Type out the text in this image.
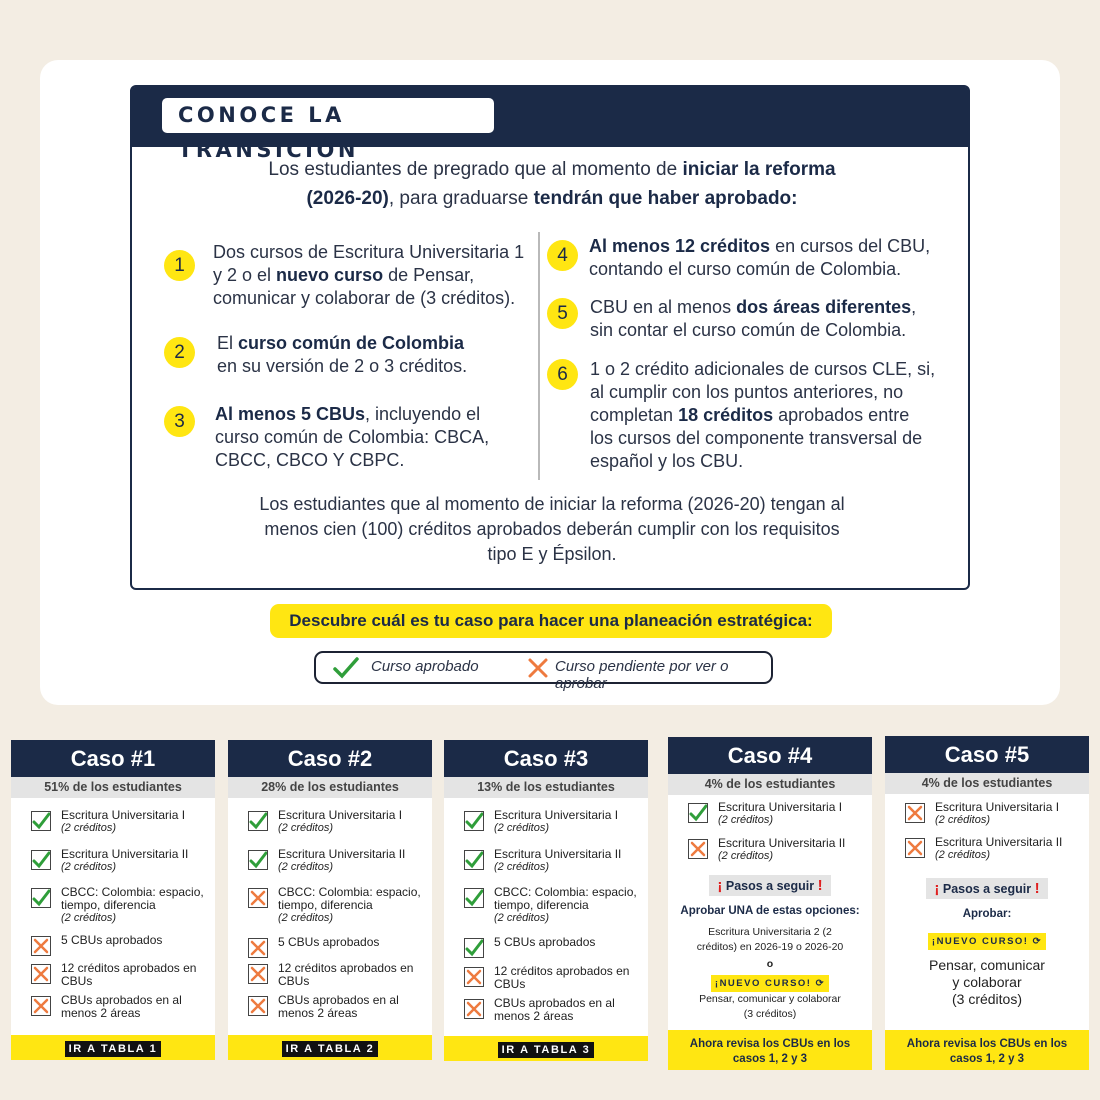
CONOCE LA TRANSICIÓN
Los estudiantes de pregrado que al momento de iniciar la reforma
(2026-20), para graduarse tendrán que haber aprobado:
1
Dos cursos de Escritura Universitaria 1
y 2 o el nuevo curso de Pensar,
comunicar y colaborar de (3 créditos).
2	El curso común de Colombia
en su versión de 2 o 3 créditos.
3	Al menos 5 CBUs, incluyendo el
curso común de Colombia: CBCA,
CBCC, CBCO Y CBPC.
4	Al menos 12 créditos en cursos del CBU,
contando el curso común de Colombia.
5	CBU en al menos dos áreas diferentes,
sin contar el curso común de Colombia.
6	1 o 2 crédito adicionales de cursos CLE, si,
al cumplir con los puntos anteriores, no
completan 18 créditos aprobados entre
los cursos del componente transversal de
español y los CBU.
Los estudiantes que al momento de iniciar la reforma (2026-20) tengan al
menos cien (100) créditos aprobados deberán cumplir con los requisitos
tipo E y Épsilon.
Descubre cuál es tu caso para hacer una planeación estratégica:
Curso aprobado	Curso pendiente por ver o aprobar
Caso #1
51% de los estudiantes
Escritura Universitaria I
(2 créditos)
Escritura Universitaria II
(2 créditos)
CBCC: Colombia: espacio,
tiempo, diferencia
(2 créditos)
5 CBUs aprobados
12 créditos aprobados en
CBUs
CBUs aprobados en al
menos 2 áreas
IR A TABLA 1
Caso #2
28% de los estudiantes
Escritura Universitaria I
(2 créditos)
Escritura Universitaria II
(2 créditos)
CBCC: Colombia: espacio,
tiempo, diferencia
(2 créditos)
5 CBUs aprobados
12 créditos aprobados en
CBUs
CBUs aprobados en al
menos 2 áreas
IR A TABLA 2
Caso #3
13% de los estudiantes
Escritura Universitaria I
(2 créditos)
Escritura Universitaria II
(2 créditos)
CBCC: Colombia: espacio,
tiempo, diferencia
(2 créditos)
5 CBUs aprobados
12 créditos aprobados en
CBUs
CBUs aprobados en al
menos 2 áreas
IR A TABLA 3
Caso #4
4% de los estudiantes
Escritura Universitaria I
(2 créditos)
Escritura Universitaria II
(2 créditos)
¡ Pasos a seguir !
Aprobar UNA de estas opciones:
Escritura Universitaria 2 (2
créditos) en 2026-19 o 2026-20
o
¡NUEVO CURSO! ⟳
Pensar, comunicar y colaborar
(3 créditos)
Ahora revisa los CBUs en los
casos 1, 2 y 3
Caso #5
4% de los estudiantes
Escritura Universitaria I
(2 créditos)
Escritura Universitaria II
(2 créditos)
¡ Pasos a seguir !
Aprobar:
¡NUEVO CURSO! ⟳
Pensar, comunicar
y colaborar
(3 créditos)
Ahora revisa los CBUs en los
casos 1, 2 y 3
